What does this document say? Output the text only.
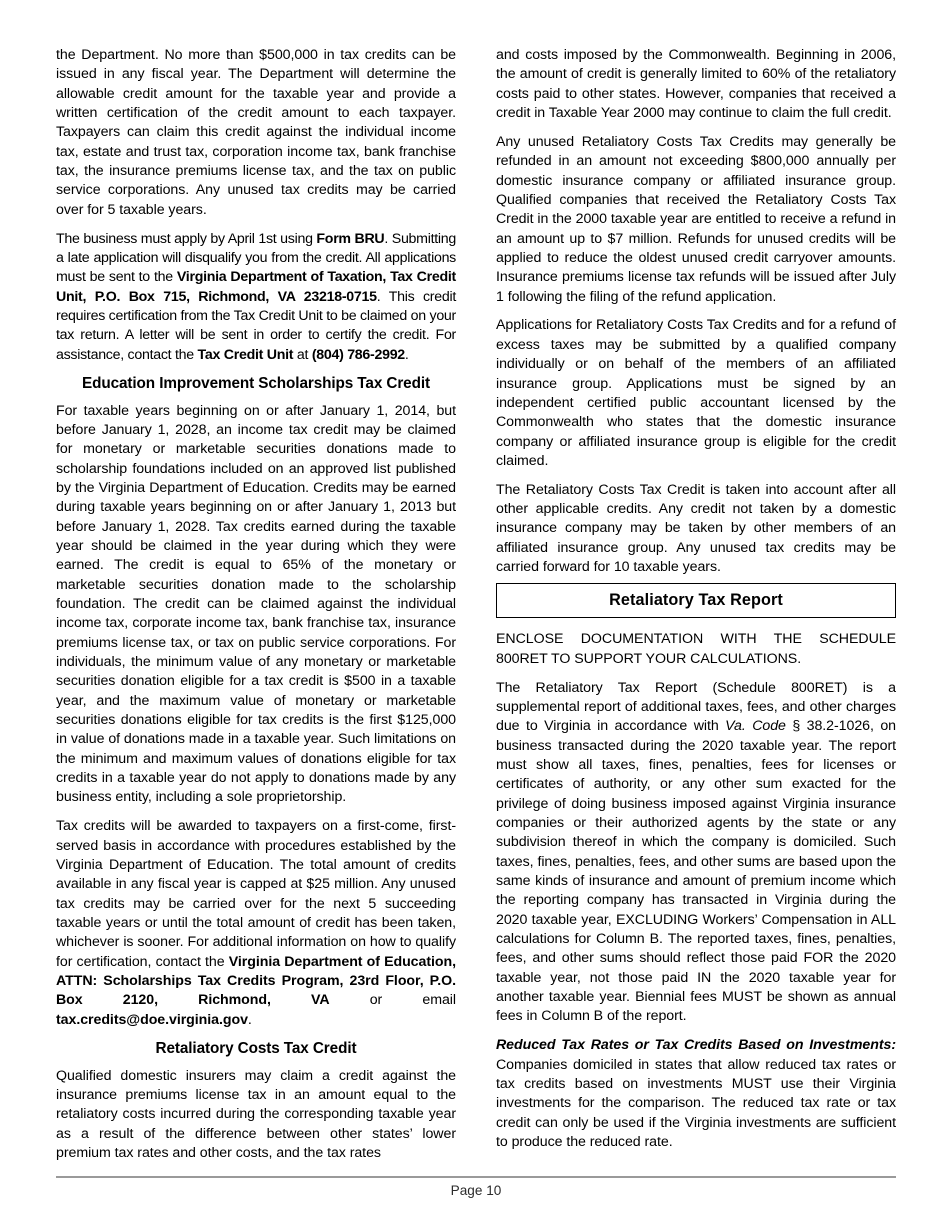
the Department. No more than $500,000 in tax credits can be issued in any fiscal year. The Department will determine the allowable credit amount for the taxable year and provide a written certification of the credit amount to each taxpayer. Taxpayers can claim this credit against the individual income tax, estate and trust tax, corporation income tax, bank franchise tax, the insurance premiums license tax, and the tax on public service corporations. Any unused tax credits may be carried over for 5 taxable years.

The business must apply by April 1st using Form BRU. Submitting a late application will disqualify you from the credit. All applications must be sent to the Virginia Department of Taxation, Tax Credit Unit, P.O. Box 715, Richmond, VA 23218-0715. This credit requires certification from the Tax Credit Unit to be claimed on your tax return. A letter will be sent in order to certify the credit. For assistance, contact the Tax Credit Unit at (804) 786-2992.

Education Improvement Scholarships Tax Credit

For taxable years beginning on or after January 1, 2014, but before January 1, 2028, an income tax credit may be claimed for monetary or marketable securities donations made to scholarship foundations included on an approved list published by the Virginia Department of Education. Credits may be earned during taxable years beginning on or after January 1, 2013 but before January 1, 2028. Tax credits earned during the taxable year should be claimed in the year during which they were earned. The credit is equal to 65% of the monetary or marketable securities donation made to the scholarship foundation. The credit can be claimed against the individual income tax, corporate income tax, bank franchise tax, insurance premiums license tax, or tax on public service corporations. For individuals, the minimum value of any monetary or marketable securities donation eligible for a tax credit is $500 in a taxable year, and the maximum value of monetary or marketable securities donations eligible for tax credits is the first $125,000 in value of donations made in a taxable year. Such limitations on the minimum and maximum values of donations eligible for tax credits in a taxable year do not apply to donations made by any business entity, including a sole proprietorship.

Tax credits will be awarded to taxpayers on a first-come, first-served basis in accordance with procedures established by the Virginia Department of Education. The total amount of credits available in any fiscal year is capped at $25 million. Any unused tax credits may be carried over for the next 5 succeeding taxable years or until the total amount of credit has been taken, whichever is sooner. For additional information on how to qualify for certification, contact the Virginia Department of Education, ATTN: Scholarships Tax Credits Program, 23rd Floor, P.O. Box 2120, Richmond, VA or email tax.credits@doe.virginia.gov.

Retaliatory Costs Tax Credit

Qualified domestic insurers may claim a credit against the insurance premiums license tax in an amount equal to the retaliatory costs incurred during the corresponding taxable year as a result of the difference between other states’ lower premium tax rates and other costs, and the tax rates

and costs imposed by the Commonwealth. Beginning in 2006, the amount of credit is generally limited to 60% of the retaliatory costs paid to other states. However, companies that received a credit in Taxable Year 2000 may continue to claim the full credit.

Any unused Retaliatory Costs Tax Credits may generally be refunded in an amount not exceeding $800,000 annually per domestic insurance company or affiliated insurance group. Qualified companies that received the Retaliatory Costs Tax Credit in the 2000 taxable year are entitled to receive a refund in an amount up to $7 million. Refunds for unused credits will be applied to reduce the oldest unused credit carryover amounts. Insurance premiums license tax refunds will be issued after July 1 following the filing of the refund application.

Applications for Retaliatory Costs Tax Credits and for a refund of excess taxes may be submitted by a qualified company individually or on behalf of the members of an affiliated insurance group. Applications must be signed by an independent certified public accountant licensed by the Commonwealth who states that the domestic insurance company or affiliated insurance group is eligible for the credit claimed.

The Retaliatory Costs Tax Credit is taken into account after all other applicable credits. Any credit not taken by a domestic insurance company may be taken by other members of an affiliated insurance group. Any unused tax credits may be carried forward for 10 taxable years.

Retaliatory Tax Report

ENCLOSE DOCUMENTATION WITH THE SCHEDULE 800RET TO SUPPORT YOUR CALCULATIONS.

The Retaliatory Tax Report (Schedule 800RET) is a supplemental report of additional taxes, fees, and other charges due to Virginia in accordance with Va. Code § 38.2-1026, on business transacted during the 2020 taxable year. The report must show all taxes, fines, penalties, fees for licenses or certificates of authority, or any other sum exacted for the privilege of doing business imposed against Virginia insurance companies or their authorized agents by the state or any subdivision thereof in which the company is domiciled. Such taxes, fines, penalties, fees, and other sums are based upon the same kinds of insurance and amount of premium income which the reporting company has transacted in Virginia during the 2020 taxable year, EXCLUDING Workers’ Compensation in ALL calculations for Column B. The reported taxes, fines, penalties, fees, and other sums should reflect those paid FOR the 2020 taxable year, not those paid IN the 2020 taxable year for another taxable year. Biennial fees MUST be shown as annual fees in Column B of the report.

Reduced Tax Rates or Tax Credits Based on Investments: Companies domiciled in states that allow reduced tax rates or tax credits based on investments MUST use their Virginia investments for the comparison. The reduced tax rate or tax credit can only be used if the Virginia investments are sufficient to produce the reduced rate.

Page 10
